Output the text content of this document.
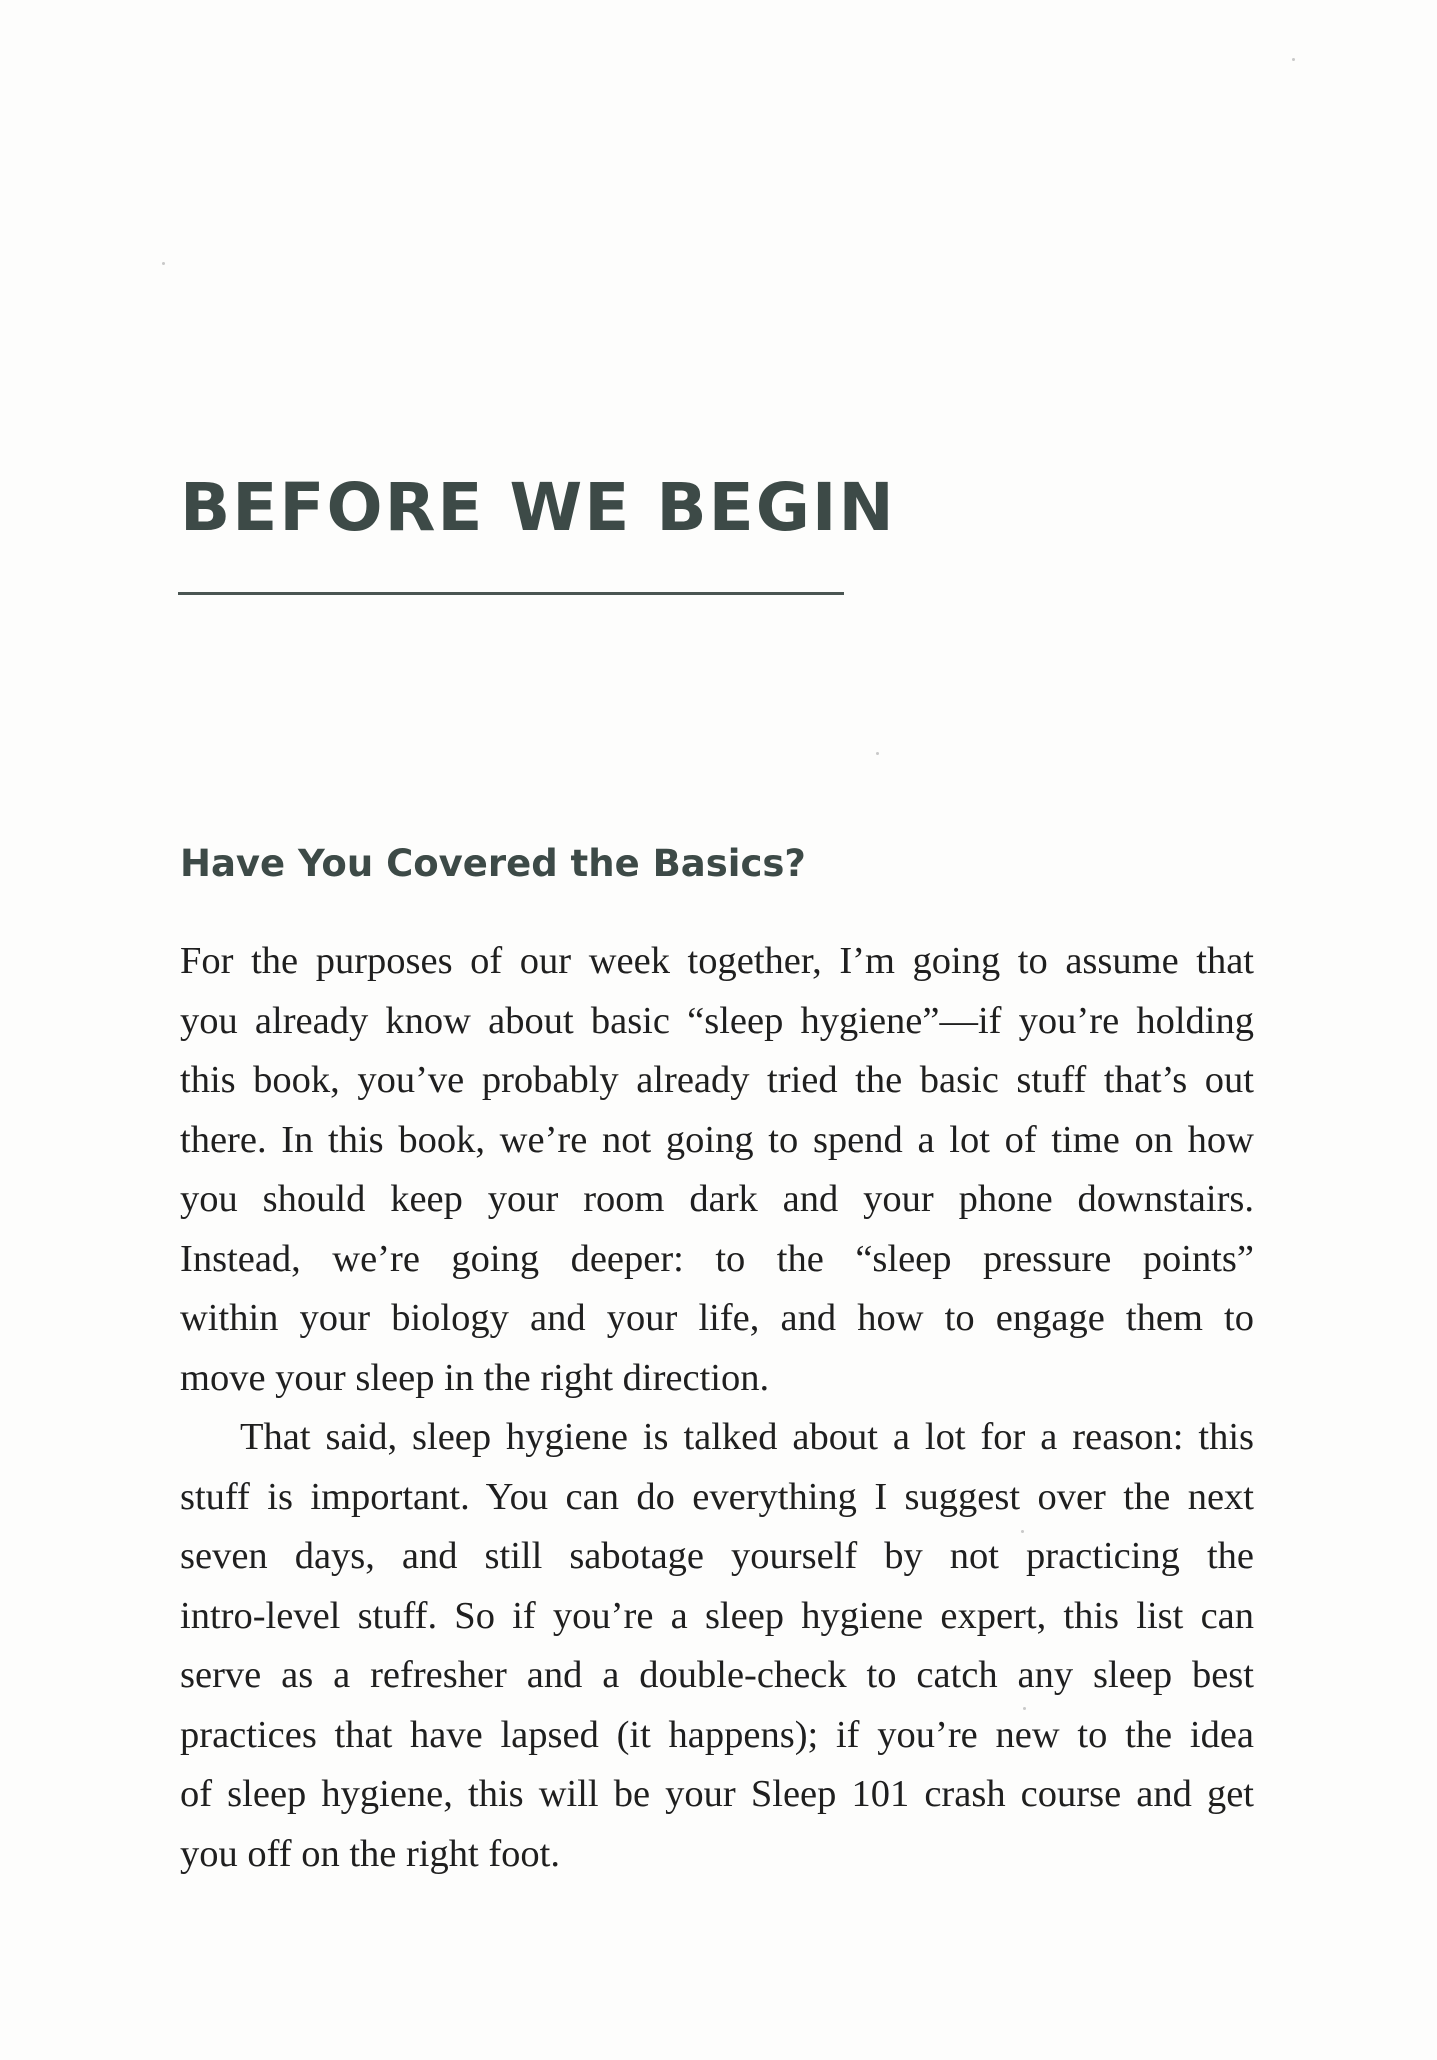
BEFORE WE BEGIN
Have You Covered the Basics?
For the purposes of our week together, I’m going to assume that
you already know about basic “sleep hygiene”—if you’re holding
this book, you’ve probably already tried the basic stuff that’s out
there. In this book, we’re not going to spend a lot of time on how
you should keep your room dark and your phone downstairs.
Instead, we’re going deeper: to the “sleep pressure points”
within your biology and your life, and how to engage them to
move your sleep in the right direction.
That said, sleep hygiene is talked about a lot for a reason: this
stuff is important. You can do everything I suggest over the next
seven days, and still sabotage yourself by not practicing the
intro-level stuff. So if you’re a sleep hygiene expert, this list can
serve as a refresher and a double-check to catch any sleep best
practices that have lapsed (it happens); if you’re new to the idea
of sleep hygiene, this will be your Sleep 101 crash course and get
you off on the right foot.
